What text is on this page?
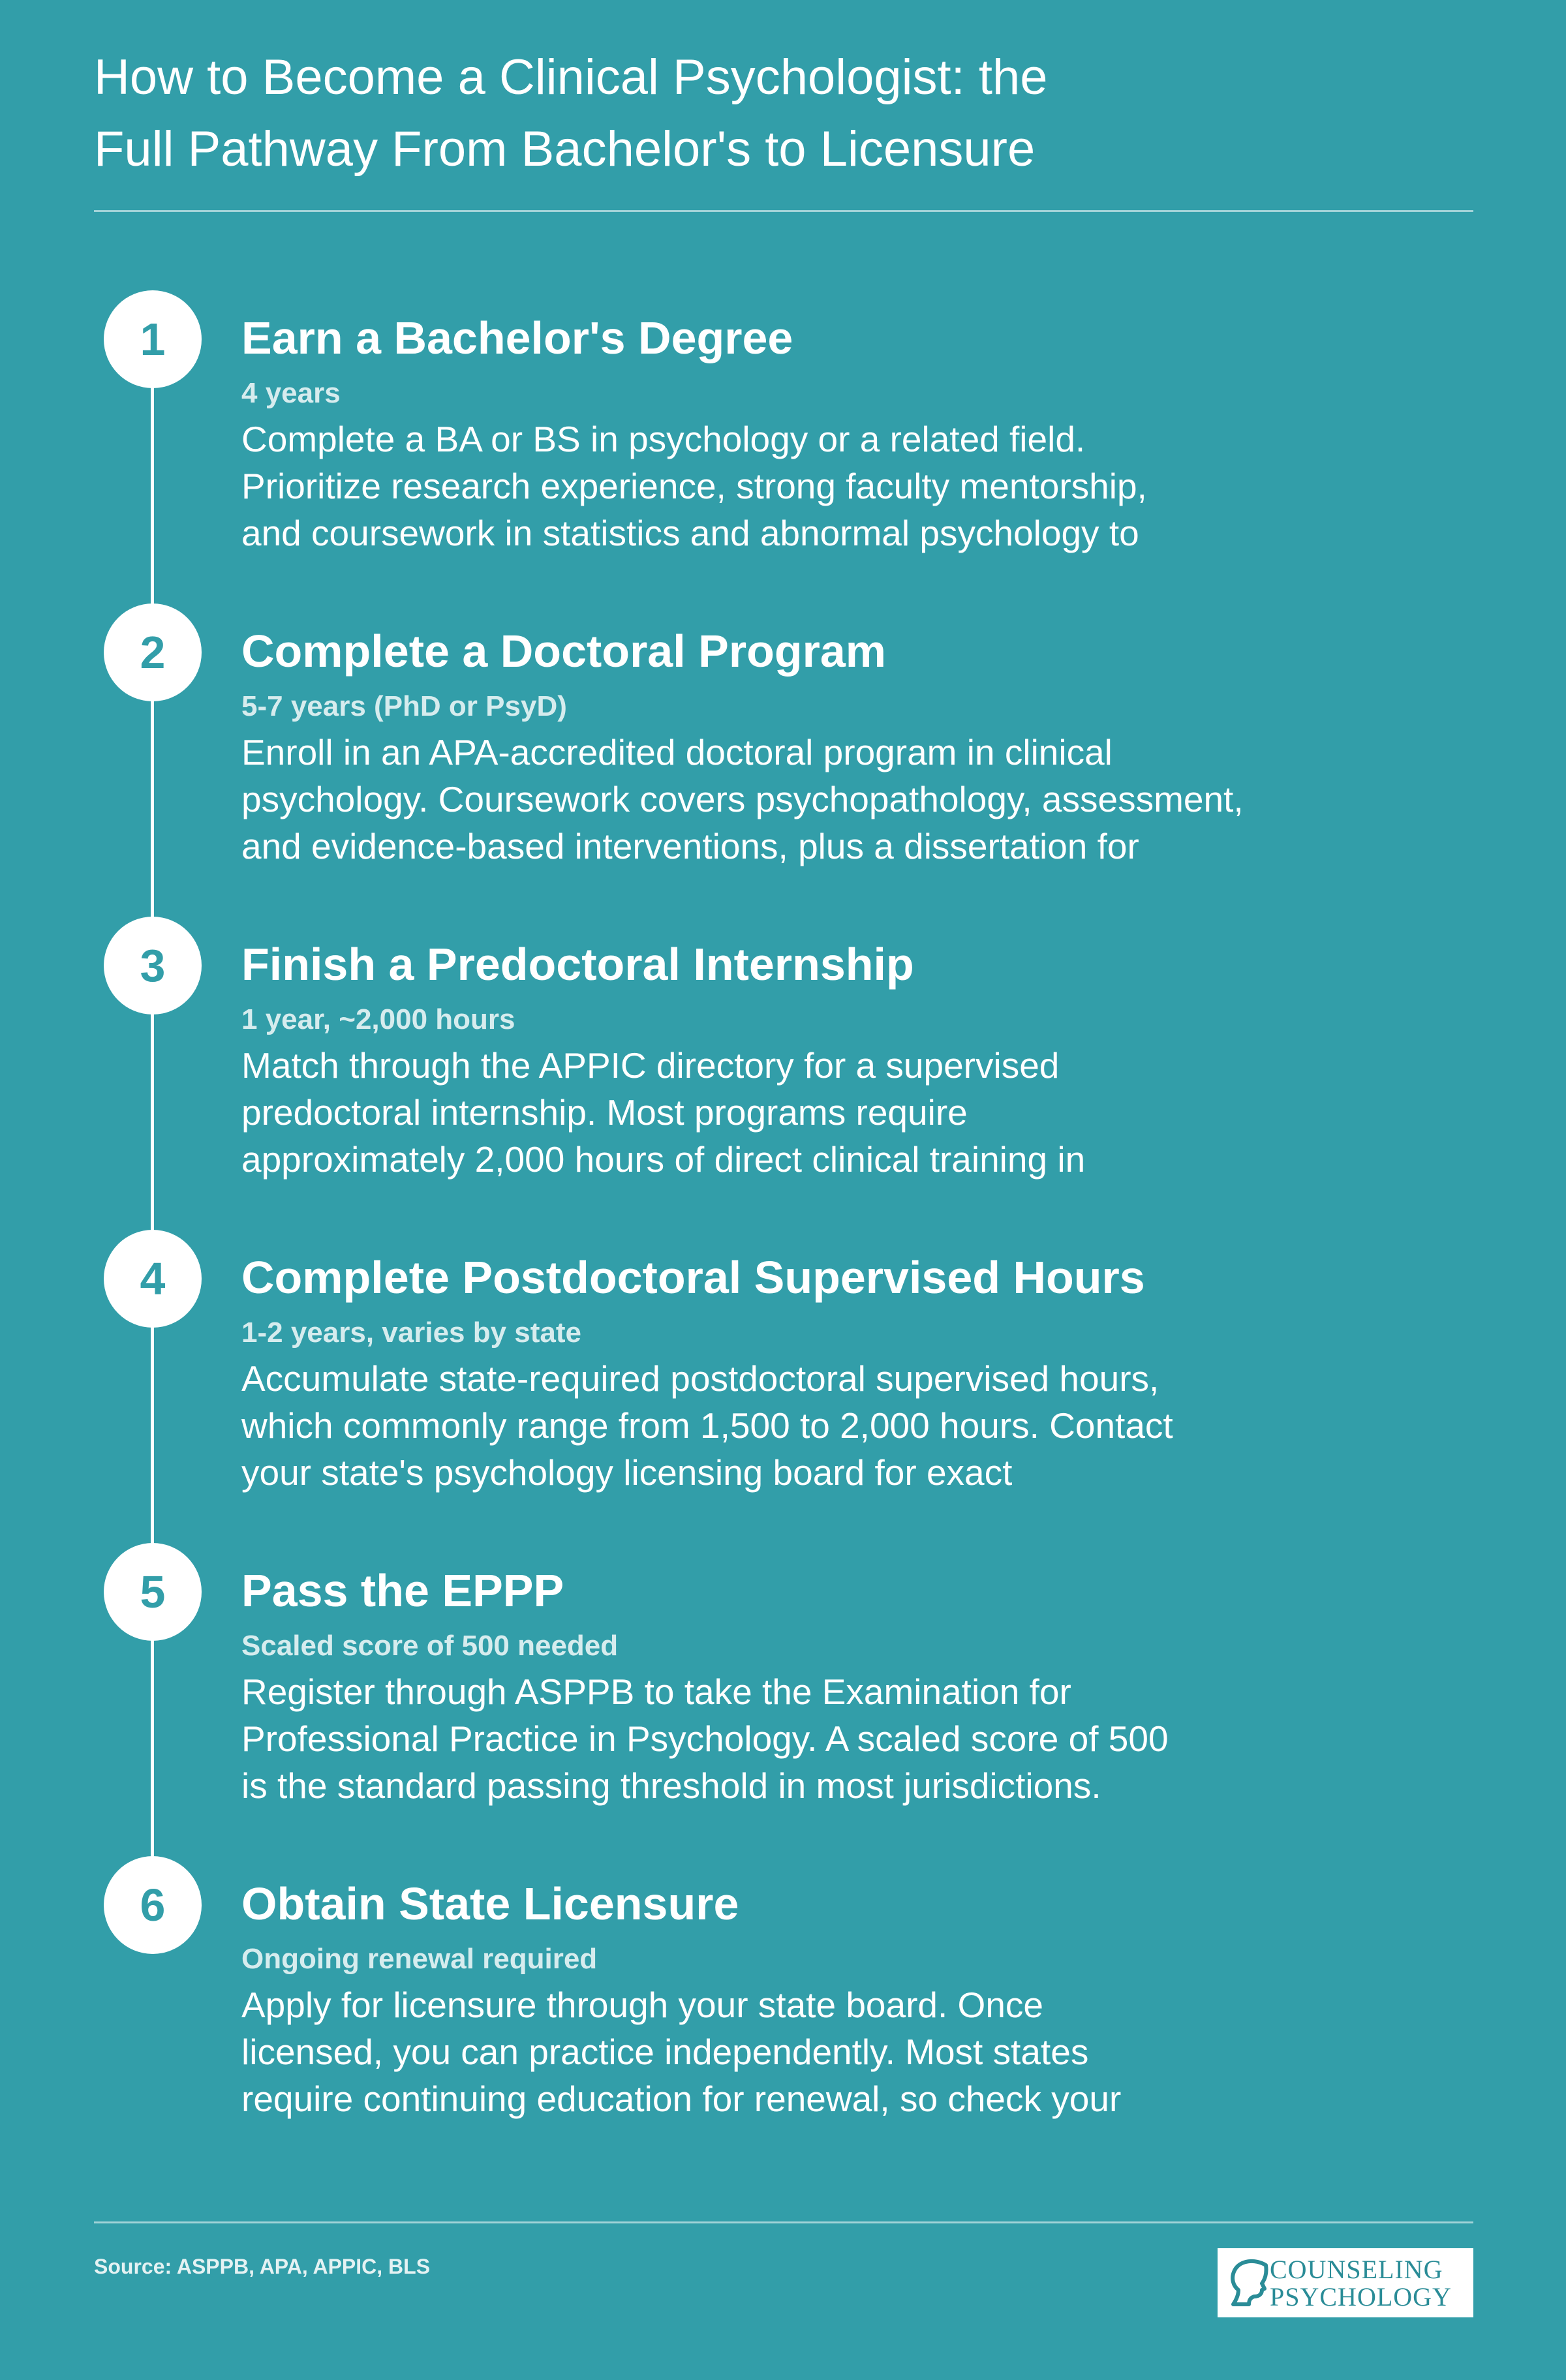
How to Become a Clinical Psychologist: the
Full Pathway From Bachelor's to Licensure
1	Earn a Bachelor's Degree
4 years
Complete a BA or BS in psychology or a related field.
Prioritize research experience, strong faculty mentorship,
and coursework in statistics and abnormal psychology to
2	Complete a Doctoral Program
5-7 years (PhD or PsyD)
Enroll in an APA-accredited doctoral program in clinical
psychology. Coursework covers psychopathology, assessment,
and evidence-based interventions, plus a dissertation for
3	Finish a Predoctoral Internship
1 year, ~2,000 hours
Match through the APPIC directory for a supervised
predoctoral internship. Most programs require
approximately 2,000 hours of direct clinical training in
4	Complete Postdoctoral Supervised Hours
1-2 years, varies by state
Accumulate state-required postdoctoral supervised hours,
which commonly range from 1,500 to 2,000 hours. Contact
your state's psychology licensing board for exact
5	Pass the EPPP
Scaled score of 500 needed
Register through ASPPB to take the Examination for
Professional Practice in Psychology. A scaled score of 500
is the standard passing threshold in most jurisdictions.
6	Obtain State Licensure
Ongoing renewal required
Apply for licensure through your state board. Once
licensed, you can practice independently. Most states
require continuing education for renewal, so check your
Source: ASPPB, APA, APPIC, BLS	COUNSELING
PSYCHOLOGY
